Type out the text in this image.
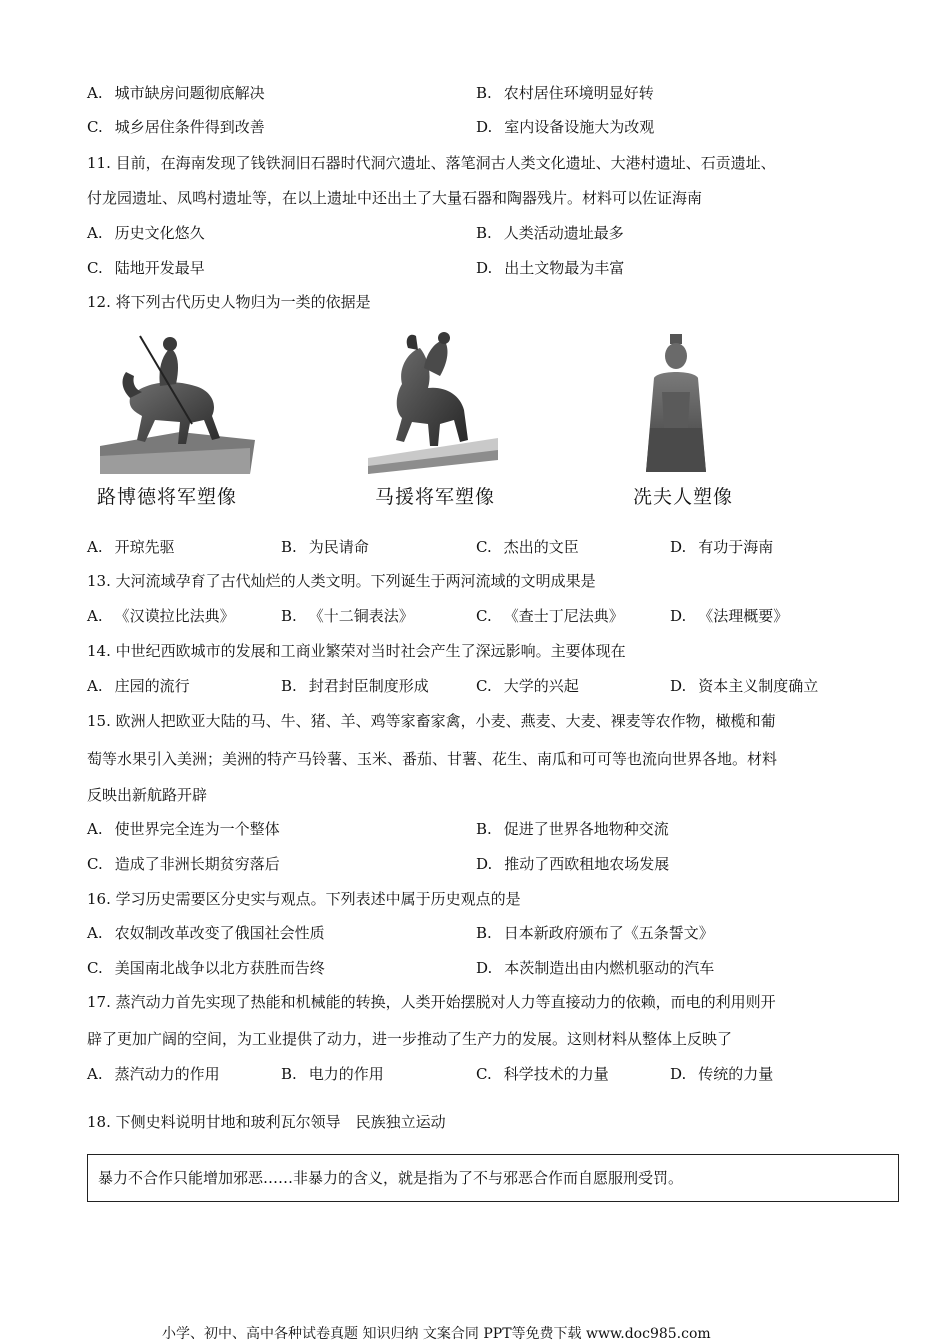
A. 城市缺房问题彻底解决	B. 农村居住环境明显好转
C. 城乡居住条件得到改善	D. 室内设备设施大为改观
11. 目前，在海南发现了钱铁洞旧石器时代洞穴遗址、落笔洞古人类文化遗址、大港村遗址、石贡遗址、
付龙园遗址、凤鸣村遗址等，在以上遗址中还出土了大量石器和陶器残片。材料可以佐证海南
A. 历史文化悠久	B. 人类活动遗址最多
C. 陆地开发最早	D. 出土文物最为丰富
12. 将下列古代历史人物归为一类的依据是
路博德将军塑像	马援将军塑像	冼夫人塑像
A. 开琼先驱	B. 为民请命	C. 杰出的文臣	D. 有功于海南
13. 大河流域孕育了古代灿烂的人类文明。下列诞生于两河流域的文明成果是
A. 《汉谟拉比法典》	B. 《十二铜表法》	C. 《查士丁尼法典》	D. 《法理概要》
14. 中世纪西欧城市的发展和工商业繁荣对当时社会产生了深远影响。主要体现在
A. 庄园的流行	B. 封君封臣制度形成	C. 大学的兴起	D. 资本主义制度确立
15. 欧洲人把欧亚大陆的马、牛、猪、羊、鸡等家畜家禽，小麦、燕麦、大麦、裸麦等农作物，橄榄和葡
萄等水果引入美洲；美洲的特产马铃薯、玉米、番茄、甘薯、花生、南瓜和可可等也流向世界各地。材料
反映出新航路开辟
A. 使世界完全连为一个整体	B. 促进了世界各地物种交流
C. 造成了非洲长期贫穷落后	D. 推动了西欧租地农场发展
16. 学习历史需要区分史实与观点。下列表述中属于历史观点的是
A. 农奴制改革改变了俄国社会性质	B. 日本新政府颁布了《五条誓文》
C. 美国南北战争以北方获胜而告终	D. 本茨制造出由内燃机驱动的汽车
17. 蒸汽动力首先实现了热能和机械能的转换，人类开始摆脱对人力等直接动力的依赖，而电的利用则开
辟了更加广阔的空间，为工业提供了动力，进一步推动了生产力的发展。这则材料从整体上反映了
A. 蒸汽动力的作用	B. 电力的作用	C. 科学技术的力量	D. 传统的力量
18. 下侧史料说明甘地和玻利瓦尔领导　民族独立运动
暴力不合作只能增加邪恶……非暴力的含义，就是指为了不与邪恶合作而自愿服刑受罚。
小学、初中、高中各种试卷真题 知识归纳 文案合同 PPT等免费下载 www.doc985.com
